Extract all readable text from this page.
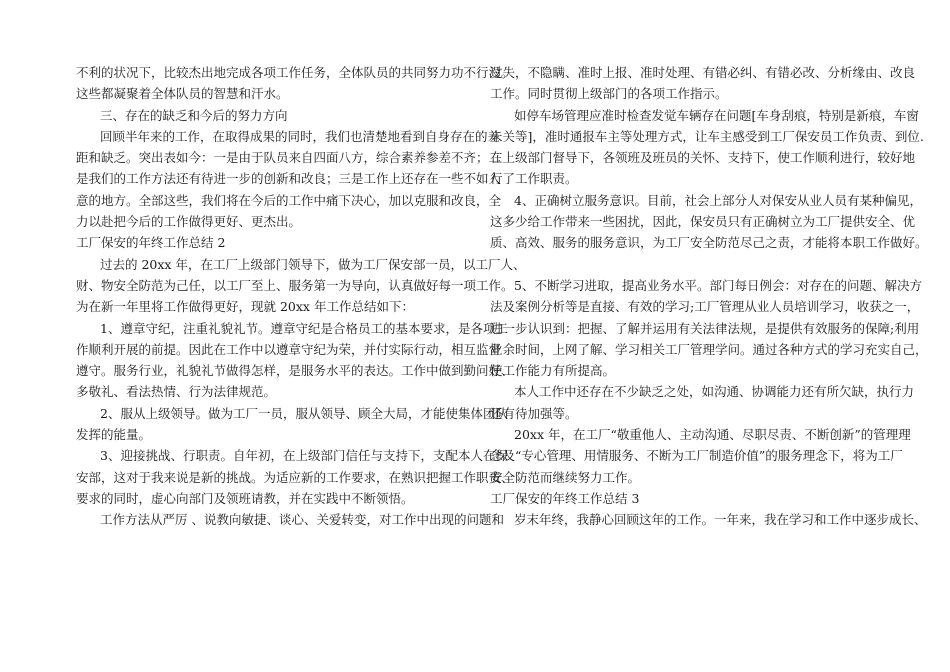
不利的状况下，比较杰出地完成各项工作任务，全体队员的共同努力功不行没。
这些都凝聚着全体队员的智慧和汗水。
三、存在的缺乏和今后的努力方向
回顾半年来的工作，在取得成果的同时，我们也清楚地看到自身存在的差
距和缺乏。突出表如今：一是由于队员来自四面八方，综合素养参差不齐；二
是我们的工作方法还有待进一步的创新和改良；三是工作上还存在一些不如人
意的地方。全部这些，我们将在今后的工作中痛下决心，加以克服和改良，全
力以赴把今后的工作做得更好、更杰出。
工厂保安的年终工作总结 2
过去的 20xx 年，在工厂上级部门领导下，做为工厂保安部一员，以工厂人、
财、物安全防范为己任，以工厂至上、服务第一为导向，认真做好每一项工作。
为在新一年里将工作做得更好，现就 20xx 年工作总结如下：
1、遵章守纪，注重礼貌礼节。遵章守纪是合格员工的基本要求，是各项工
作顺利开展的前提。因此在工作中以遵章守纪为荣，并付实际行动，相互监督
遵守。服务行业，礼貌礼节做得怎样，是服务水平的表达。工作中做到勤问好、
多敬礼、看法热情、行为法律规范。
2、服从上级领导。做为工厂一员，服从领导、顾全大局，才能使集体团队
发挥的能量。
3、迎接挑战、行职责。自年初，在上级部门信任与支持下，支配本人在保
安部，这对于我来说是新的挑战。为适应新的工作要求，在熟识把握工作职责、
要求的同时，虚心向部门及领班请教，并在实践中不断领悟。
工作方法从严厉 、说教向敏捷、谈心、关爱转变，对工作中出现的问题和
过失，不隐瞒、准时上报、准时处理、有错必纠、有错必改、分析缘由、改良
工作。同时贯彻上级部门的各项工作指示。
如停车场管理应准时检查发觉车辆存在问题[车身刮痕，特别是新痕，车窗
未关等]，准时通报车主等处理方式，让车主感受到工厂保安员工作负责、到位.
在上级部门督导下，各领班及班员的关怀、支持下，使工作顺利进行，较好地
行了工作职责。
4、正确树立服务意识。目前，社会上部分人对保安从业人员有某种偏见，
这多少给工作带来一些困扰，因此，保安员只有正确树立为工厂提供安全、优
质、高效、服务的服务意识，为工厂安全防范尽己之责，才能将本职工作做好。
5、不断学习进取，提高业务水平。部门每日例会：对存在的问题、解决方
法及案例分析等是直接、有效的学习;工厂管理从业人员培训学习，收获之一，
进一步认识到：把握、了解并运用有关法律法规，是提供有效服务的保障;利用
业余时间，上网了解、学习相关工厂管理学问。通过各种方式的学习充实自己，
使工作能力有所提高。
本人工作中还存在不少缺乏之处，如沟通、协调能力还有所欠缺，执行力
还有待加强等。
20xx 年，在工厂“敬重他人、主动沟通、尽职尽责、不断创新”的管理理
念及“专心管理、用情服务、不断为工厂制造价值”的服务理念下，将为工厂
安全防范而继续努力工作。
工厂保安的年终工作总结 3
岁末年终，我静心回顾这年的工作。一年来，我在学习和工作中逐步成长、
